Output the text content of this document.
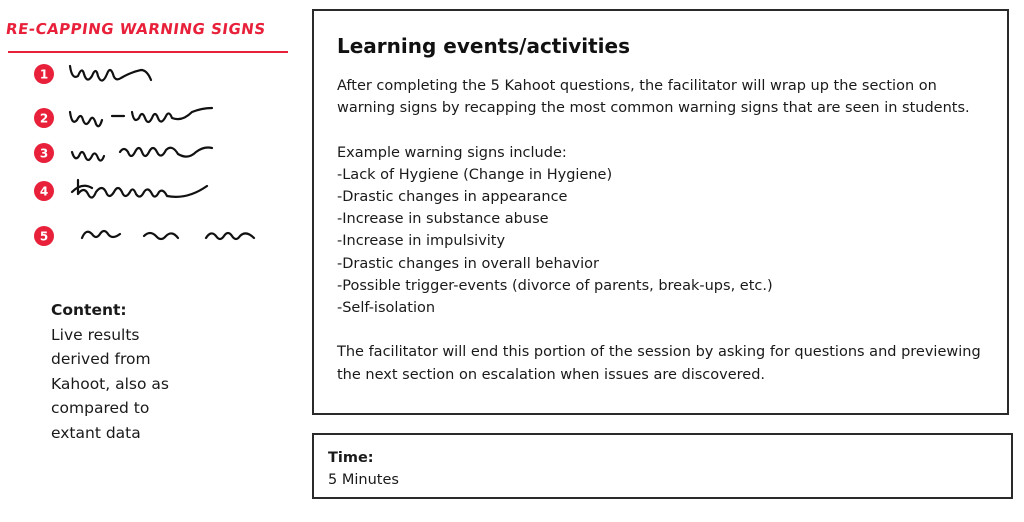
RE-CAPPING WARNING SIGNS
1
2
3
4
5
Content:
Live results
derived from
Kahoot, also as
compared to
extant data
Learning events/activities

After completing the 5 Kahoot questions, the facilitator will wrap up the section on

warning signs by recapping the most common warning signs that are seen in students.

Example warning signs include:

-Lack of Hygiene (Change in Hygiene)

-Drastic changes in appearance

-Increase in substance abuse

-Increase in impulsivity

-Drastic changes in overall behavior

-Possible trigger-events (divorce of parents, break-ups, etc.)

-Self-isolation

The facilitator will end this portion of the session by asking for questions and previewing

the next section on escalation when issues are discovered.

Time:
5 Minutes
